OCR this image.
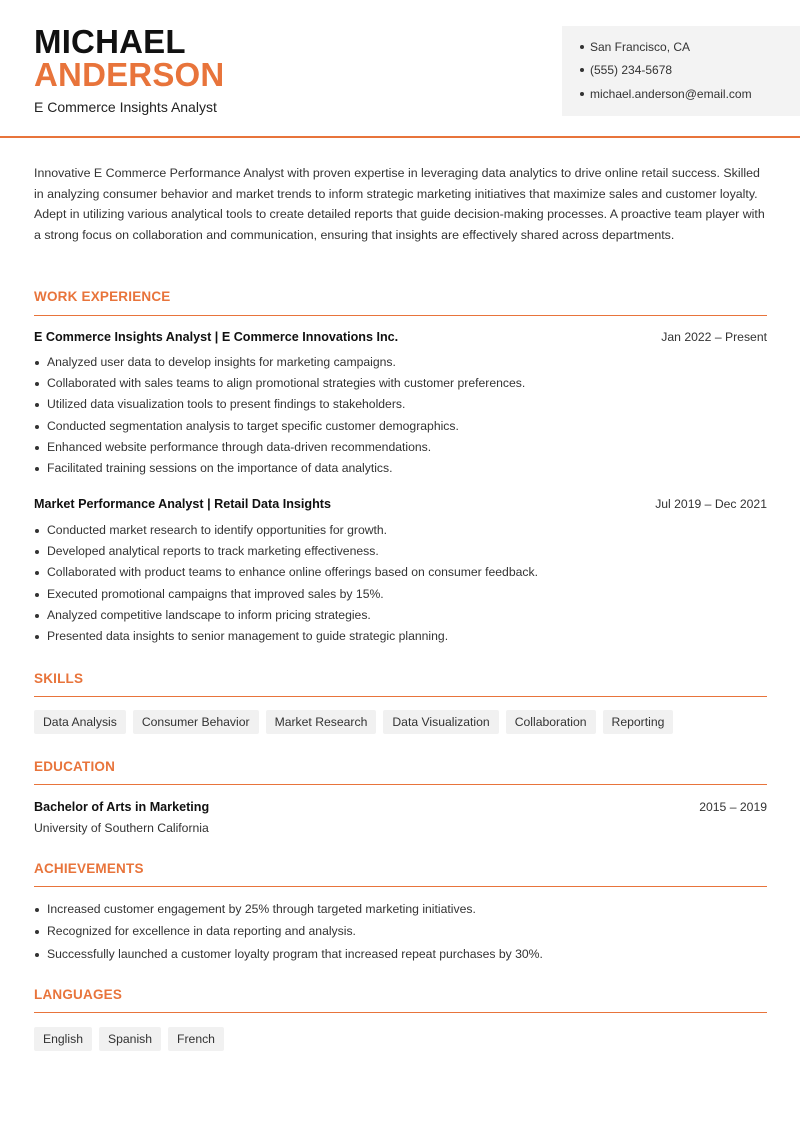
MICHAEL
ANDERSON
E Commerce Insights Analyst
San Francisco, CA
(555) 234-5678
michael.anderson@email.com
Innovative E Commerce Performance Analyst with proven expertise in leveraging data analytics to drive online retail success. Skilled in analyzing consumer behavior and market trends to inform strategic marketing initiatives that maximize sales and customer loyalty. Adept in utilizing various analytical tools to create detailed reports that guide decision-making processes. A proactive team player with a strong focus on collaboration and communication, ensuring that insights are effectively shared across departments.
WORK EXPERIENCE
E Commerce Insights Analyst | E Commerce Innovations Inc.	Jan 2022 – Present
Analyzed user data to develop insights for marketing campaigns.
Collaborated with sales teams to align promotional strategies with customer preferences.
Utilized data visualization tools to present findings to stakeholders.
Conducted segmentation analysis to target specific customer demographics.
Enhanced website performance through data-driven recommendations.
Facilitated training sessions on the importance of data analytics.
Market Performance Analyst | Retail Data Insights	Jul 2019 – Dec 2021
Conducted market research to identify opportunities for growth.
Developed analytical reports to track marketing effectiveness.
Collaborated with product teams to enhance online offerings based on consumer feedback.
Executed promotional campaigns that improved sales by 15%.
Analyzed competitive landscape to inform pricing strategies.
Presented data insights to senior management to guide strategic planning.
SKILLS
Data Analysis	Consumer Behavior	Market Research	Data Visualization	Collaboration	Reporting
EDUCATION
Bachelor of Arts in Marketing	2015 – 2019
University of Southern California
ACHIEVEMENTS
Increased customer engagement by 25% through targeted marketing initiatives.
Recognized for excellence in data reporting and analysis.
Successfully launched a customer loyalty program that increased repeat purchases by 30%.
LANGUAGES
English	Spanish	French
